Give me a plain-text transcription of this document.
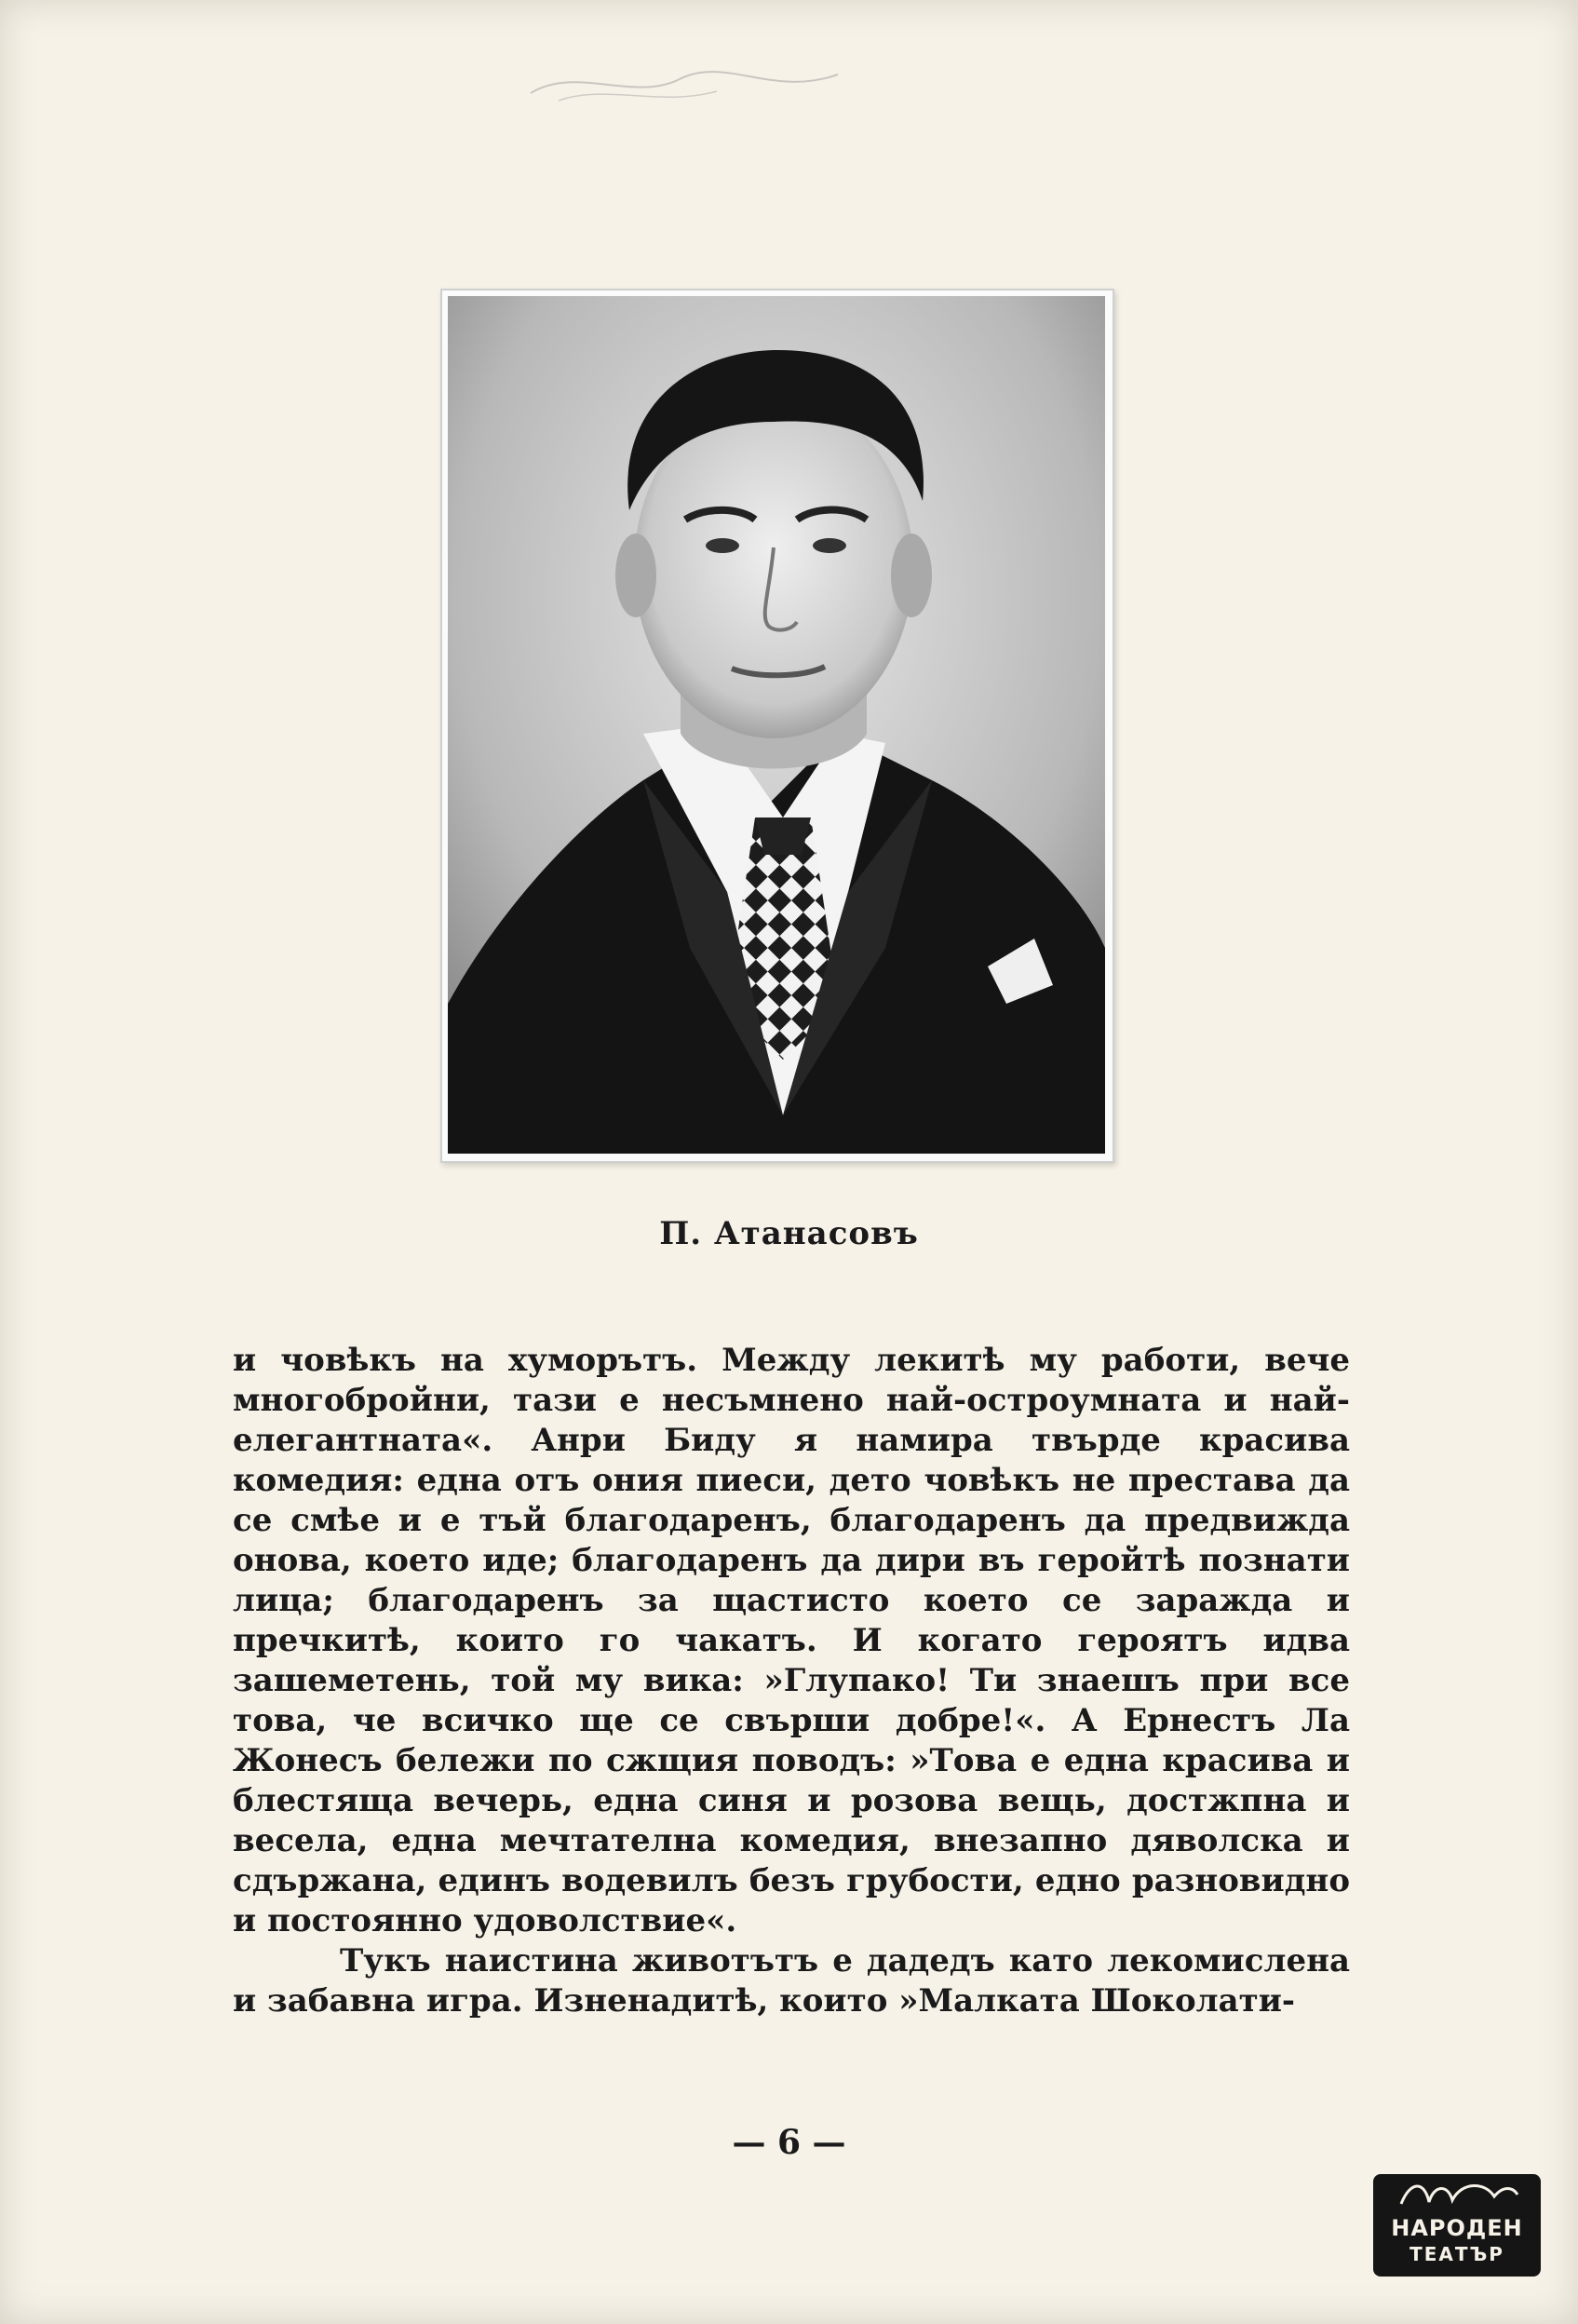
П. Атанасовъ

и човѣкъ на хуморътъ. Между лекитѣ му работи, вече многобройни, тази е несъмнено най-остроумната и най-елегантната«. Анри Биду я намира твърде красива комедия: една отъ ония пиеси, дето човѣкъ не престава да се смѣе и е тъй благодаренъ, благодаренъ да предвижда онова, което иде; благодаренъ да дири въ геройтѣ познати лица; благодаренъ за щастисто което се заражда и пречкитѣ, които го чакатъ. И когато героятъ идва зашеметень, той му вика: »Глупако! Ти знаешъ при все това, че всичко ще се свърши добре!«. А Ернестъ Ла Жонесъ бележи по сжщия поводъ: »Това е една красива и блестяща вечерь, една синя и розова вещь, достжпна и весела, една мечтателна комедия, внезапно дяволска и сдържана, единъ водевилъ безъ грубости, едно разновидно и постоянно удоволствие«.

Тукъ наистина животътъ е дадедъ като лекомислена и забавна игра. Изненадитѣ, които »Малката Шоколати-

— 6 —
НАРОДЕН
ТЕАТЪР
